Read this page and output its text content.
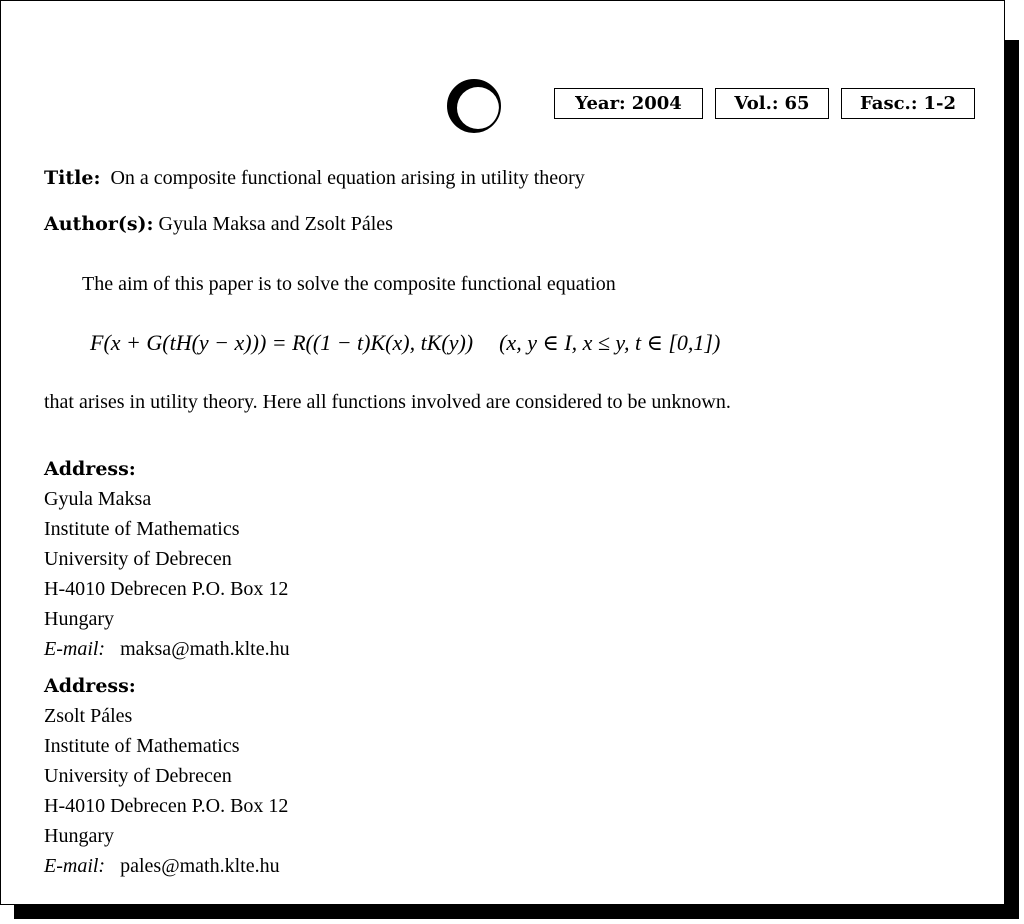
Year: 2004	Vol.: 65	Fasc.: 1-2
Title: On a composite functional equation arising in utility theory
Author(s): Gyula Maksa and Zsolt Páles
The aim of this paper is to solve the composite functional equation
F(x + G(tH(y − x))) = R((1 − t)K(x), tK(y)) (x, y ∈ I, x ≤ y, t ∈ [0,1])
that arises in utility theory. Here all functions involved are considered to be unknown.
Address:
Gyula Maksa
Institute of Mathematics
University of Debrecen
H-4010 Debrecen P.O. Box 12
Hungary
E-mail: maksa@math.klte.hu
Address:
Zsolt Páles
Institute of Mathematics
University of Debrecen
H-4010 Debrecen P.O. Box 12
Hungary
E-mail: pales@math.klte.hu
